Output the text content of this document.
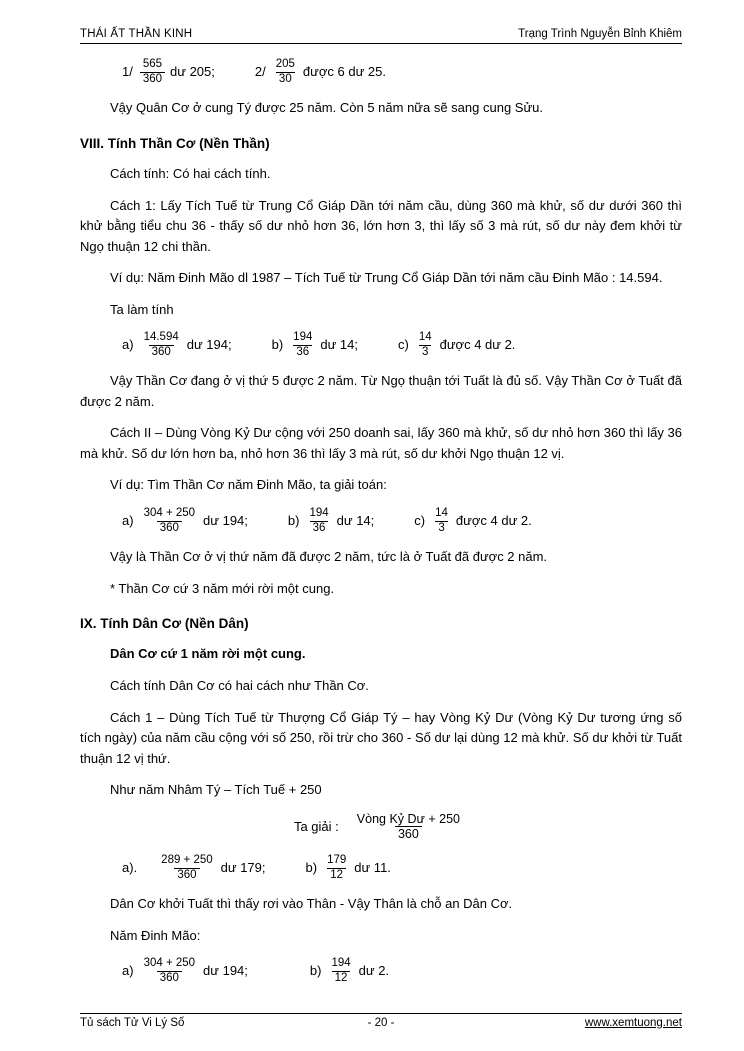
THÁI ẤT THẦN KINH	Trạng Trình Nguyễn Bỉnh Khiêm
$1/ \frac{565}{360}$ dư 205;	$2/ \frac{205}{30}$ được 6 dư 25.

Vậy Quân Cơ ở cung Tý được 25 năm. Còn 5 năm nữa sẽ sang cung Sửu.

VIII. Tính Thần Cơ (Nền Thần)

Cách tính: Có hai cách tính.

Cách 1: Lấy Tích Tuế từ Trung Cổ Giáp Dần tới năm cầu, dùng 360 mà khử, số dư dưới 360 thì khử bằng tiểu chu 36 - thấy số dư nhỏ hơn 36, lớn hơn 3, thì lấy số 3 mà rút, số dư này đem khởi từ Ngọ thuận 12 chi thần.

Ví dụ: Năm Đinh Mão dl 1987 – Tích Tuế từ Trung Cổ Giáp Dần tới năm cầu Đinh Mão : 14.594.

Ta làm tính

$a) \frac{14.594}{360}$ dư 194;	$b) \frac{194}{36}$ dư 14;	$c) \frac{14}{3}$ được 4 dư 2.

Vậy Thần Cơ đang ở vị thứ 5 được 2 năm. Từ Ngọ thuận tới Tuất là đủ số. Vậy Thần Cơ ở Tuất đã được 2 năm.

Cách II – Dùng Vòng Kỷ Dư cộng với 250 doanh sai, lấy 360 mà khử, số dư nhỏ hơn 360 thì lấy 36 mà khử. Số dư lớn hơn ba, nhỏ hơn 36 thì lấy 3 mà rút, số dư khởi Ngọ thuận 12 vị.

Ví dụ: Tìm Thần Cơ năm Đinh Mão, ta giải toán:

$a) \frac{304 + 250}{360}$ dư 194;	$b) \frac{194}{36}$ dư 14;	$c) \frac{14}{3}$ được 4 dư 2.

Vậy là Thần Cơ ở vị thứ năm đã được 2 năm, tức là ở Tuất đã được 2 năm.

* Thần Cơ cứ 3 năm mới rời một cung.

IX. Tính Dân Cơ (Nền Dân)

Dân Cơ cứ 1 năm rời một cung.

Cách tính Dân Cơ có hai cách như Thần Cơ.

Cách 1 – Dùng Tích Tuế từ Thượng Cổ Giáp Tý – hay Vòng Kỷ Dư (Vòng Kỷ Dư tương ứng số tích ngày) của năm cầu cộng với số 250, rồi trừ cho 360 - Số dư lại dùng 12 mà khử. Số dư khởi từ Tuất thuận 12 vị thứ.

Như năm Nhâm Tý – Tích Tuế + 250

Ta giải : $\frac{\text{Vòng Kỷ Dư + 250}}{360}$
a). $\frac{289 + 250}{360}$ dư 179;	$b) \frac{179}{12}$ dư 11.

Dân Cơ khởi Tuất thì thấy rơi vào Thân - Vậy Thân là chỗ an Dân Cơ.

Năm Đinh Mão:

$a) \frac{304 + 250}{360}$ dư 194;	$b) \frac{194}{12}$ dư 2.
Tủ sách Tử Vi Lý Số	- 20 -	www.xemtuong.net
